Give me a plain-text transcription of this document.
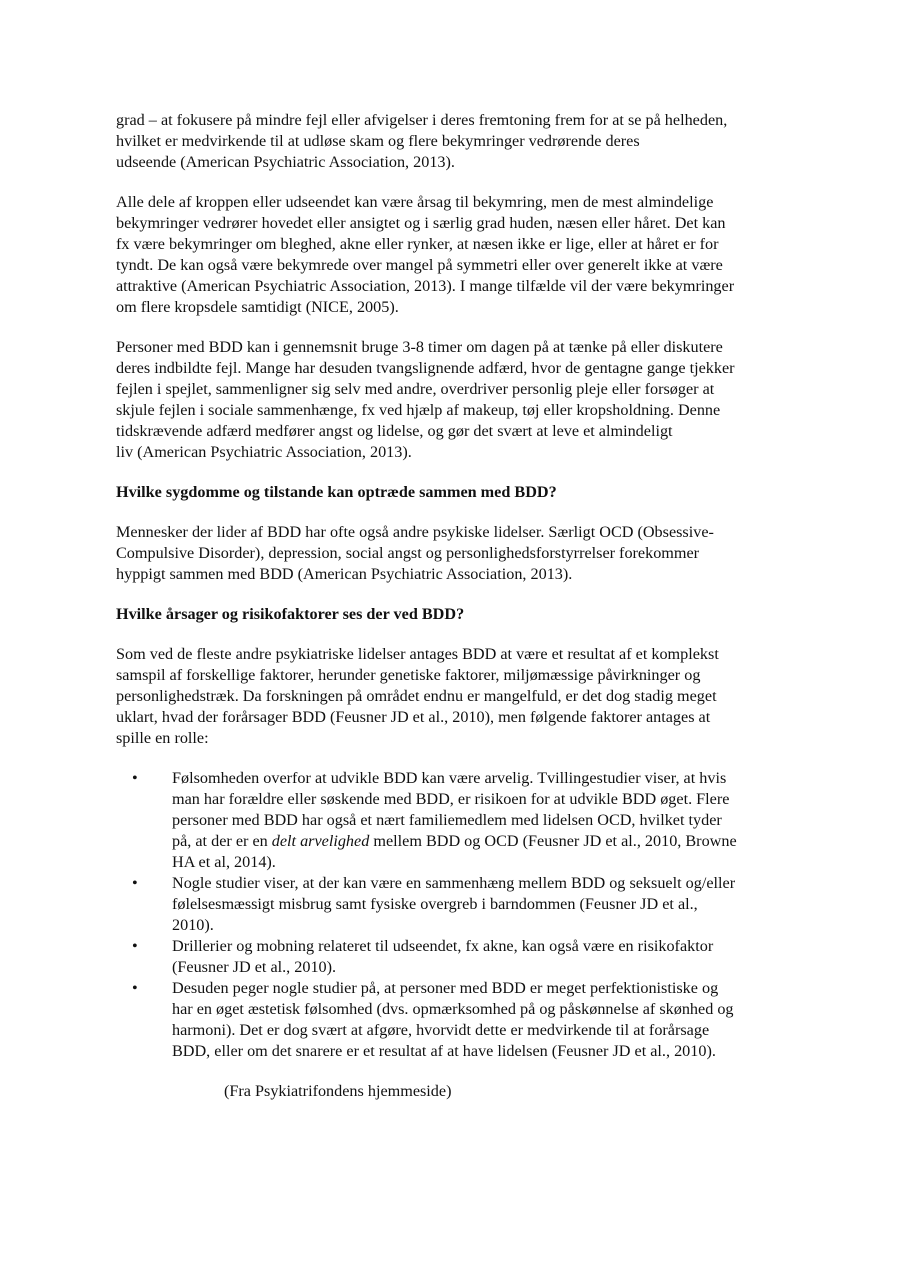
grad – at fokusere på mindre fejl eller afvigelser i deres fremtoning frem for at se på helheden,
hvilket er medvirkende til at udløse skam og flere bekymringer vedrørende deres
udseende (American Psychiatric Association, 2013).

Alle dele af kroppen eller udseendet kan være årsag til bekymring, men de mest almindelige
bekymringer vedrører hovedet eller ansigtet og i særlig grad huden, næsen eller håret. Det kan
fx være bekymringer om bleghed, akne eller rynker, at næsen ikke er lige, eller at håret er for
tyndt. De kan også være bekymrede over mangel på symmetri eller over generelt ikke at være
attraktive (American Psychiatric Association, 2013). I mange tilfælde vil der være bekymringer
om flere kropsdele samtidigt (NICE, 2005).

Personer med BDD kan i gennemsnit bruge 3-8 timer om dagen på at tænke på eller diskutere
deres indbildte fejl. Mange har desuden tvangslignende adfærd, hvor de gentagne gange tjekker
fejlen i spejlet, sammenligner sig selv med andre, overdriver personlig pleje eller forsøger at
skjule fejlen i sociale sammenhænge, fx ved hjælp af makeup, tøj eller kropsholdning. Denne
tidskrævende adfærd medfører angst og lidelse, og gør det svært at leve et almindeligt
liv (American Psychiatric Association, 2013).

Hvilke sygdomme og tilstande kan optræde sammen med BDD?

Mennesker der lider af BDD har ofte også andre psykiske lidelser. Særligt OCD (Obsessive-
Compulsive Disorder), depression, social angst og personlighedsforstyrrelser forekommer
hyppigt sammen med BDD (American Psychiatric Association, 2013).

Hvilke årsager og risikofaktorer ses der ved BDD?

Som ved de fleste andre psykiatriske lidelser antages BDD at være et resultat af et komplekst
samspil af forskellige faktorer, herunder genetiske faktorer, miljømæssige påvirkninger og
personlighedstræk. Da forskningen på området endnu er mangelfuld, er det dog stadig meget
uklart, hvad der forårsager BDD (Feusner JD et al., 2010), men følgende faktorer antages at
spille en rolle:

• Følsomheden overfor at udvikle BDD kan være arvelig. Tvillingestudier viser, at hvis
man har forældre eller søskende med BDD, er risikoen for at udvikle BDD øget. Flere
personer med BDD har også et nært familiemedlem med lidelsen OCD, hvilket tyder
på, at der er en delt arvelighed mellem BDD og OCD (Feusner JD et al., 2010, Browne
HA et al, 2014).
• Nogle studier viser, at der kan være en sammenhæng mellem BDD og seksuelt og/eller
følelsesmæssigt misbrug samt fysiske overgreb i barndommen (Feusner JD et al.,
2010).
• Drillerier og mobning relateret til udseendet, fx akne, kan også være en risikofaktor
(Feusner JD et al., 2010).
• Desuden peger nogle studier på, at personer med BDD er meget perfektionistiske og
har en øget æstetisk følsomhed (dvs. opmærksomhed på og påskønnelse af skønhed og
harmoni). Det er dog svært at afgøre, hvorvidt dette er medvirkende til at forårsage
BDD, eller om det snarere er et resultat af at have lidelsen (Feusner JD et al., 2010).

(Fra Psykiatrifondens hjemmeside)
